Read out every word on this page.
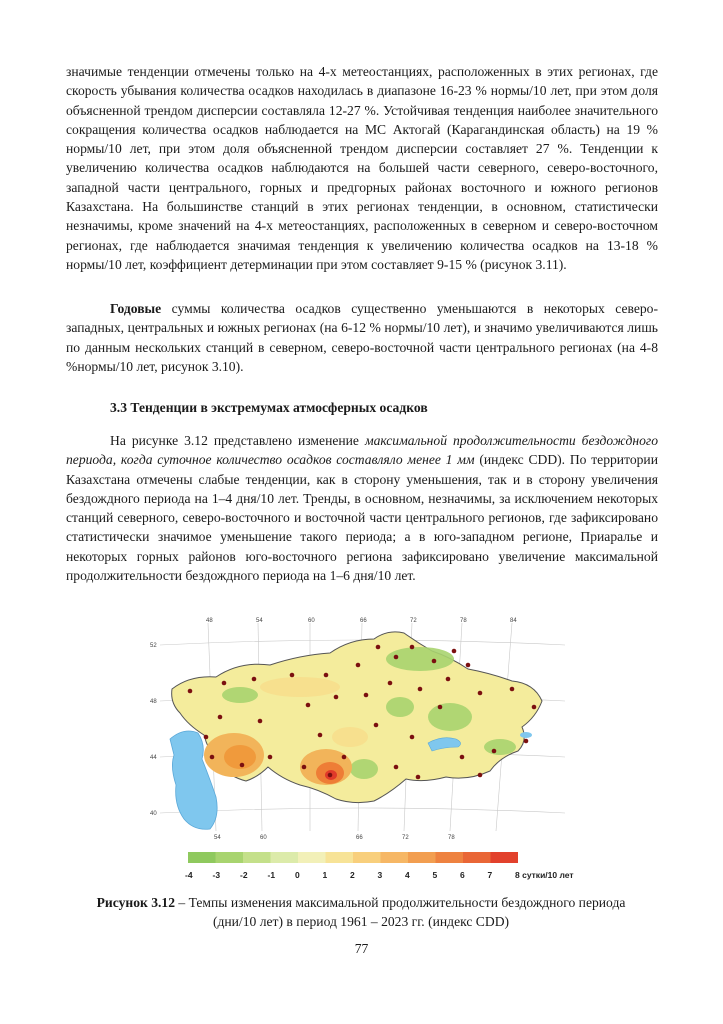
значимые тенденции отмечены только на 4-х метеостанциях, расположенных в этих регионах, где скорость убывания количества осадков находилась в диапазоне 16-23 % нормы/10 лет, при этом доля объясненной трендом дисперсии составляла 12-27 %. Устойчивая тенденция наиболее значительного сокращения количества осадков наблюдается на МС Актогай (Карагандинская область) на 19 % нормы/10 лет, при этом доля объясненной трендом дисперсии составляет 27 %. Тенденции к увеличению количества осадков наблюдаются на большей части северного, северо-восточного, западной части центрального, горных и предгорных районах восточного и южного регионов Казахстана. На большинстве станций в этих регионах тенденции, в основном, статистически незначимы, кроме значений на 4-х метеостанциях, расположенных в северном и северо-восточном регионах, где наблюдается значимая тенденция к увеличению количества осадков на 13-18 % нормы/10 лет, коэффициент детерминации при этом составляет 9-15 % (рисунок 3.11).

Годовые суммы количества осадков существенно уменьшаются в некоторых северо-западных, центральных и южных регионах (на 6-12 % нормы/10 лет), и значимо увеличиваются лишь по данным нескольких станций в северном, северо-восточной части центрального регионах (на 4-8 %нормы/10 лет, рисунок 3.10).

3.3 Тенденции в экстремумах атмосферных осадков

На рисунке 3.12 представлено изменение максимальной продолжительности бездождного периода, когда суточное количество осадков составляло менее 1 мм (индекс CDD). По территории Казахстана отмечены слабые тенденции, как в сторону уменьшения, так и в сторону увеличения бездождного периода на 1–4 дня/10 лет. Тренды, в основном, незначимы, за исключением некоторых станций северного, северо-восточного и восточной части центрального регионов, где зафиксировано статистически значимое уменьшение такого периода; а в юго-западном регионе, Приаралье и некоторых горных районов юго-восточного региона зафиксировано увеличение максимальной продолжительности бездождного периода на 1–6 дня/10 лет.

48	54	60	66	72	78	84
54	60	66	72	78
52
48
44
40
-4 -3 -2 -1 0	1	2	3	4	5	6	7	8 сутки/10 лет

Рисунок 3.12 – Темпы изменения максимальной продолжительности бездождного периода (дни/10 лет) в период 1961 – 2023 гг. (индекс CDD)

77
